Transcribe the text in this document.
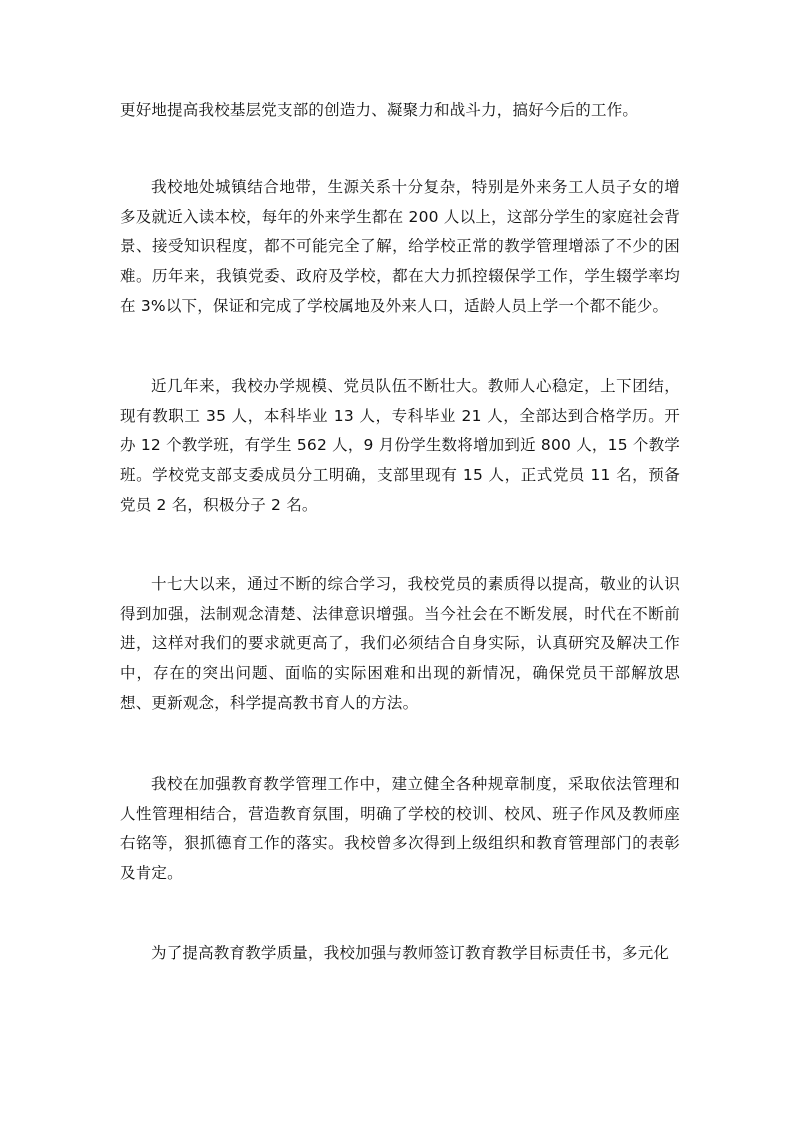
更好地提高我校基层党支部的创造力、凝聚力和战斗力，搞好今后的工作。

我校地处城镇结合地带，生源关系十分复杂，特别是外来务工人员子女的增多及就近入读本校，每年的外来学生都在 200 人以上，这部分学生的家庭社会背景、接受知识程度，都不可能完全了解，给学校正常的教学管理增添了不少的困难。历年来，我镇党委、政府及学校，都在大力抓控辍保学工作，学生辍学率均在 3%以下，保证和完成了学校属地及外来人口，适龄人员上学一个都不能少。

近几年来，我校办学规模、党员队伍不断壮大。教师人心稳定，上下团结，现有教职工 35 人，本科毕业 13 人，专科毕业 21 人，全部达到合格学历。开办 12 个教学班，有学生 562 人，9 月份学生数将增加到近 800 人，15 个教学班。学校党支部支委成员分工明确，支部里现有 15 人，正式党员 11 名，预备党员 2 名，积极分子 2 名。

十七大以来，通过不断的综合学习，我校党员的素质得以提高，敬业的认识得到加强，法制观念清楚、法律意识增强。当今社会在不断发展，时代在不断前进，这样对我们的要求就更高了，我们必须结合自身实际，认真研究及解决工作中，存在的突出问题、面临的实际困难和出现的新情况，确保党员干部解放思想、更新观念，科学提高教书育人的方法。

我校在加强教育教学管理工作中，建立健全各种规章制度，采取依法管理和人性管理相结合，营造教育氛围，明确了学校的校训、校风、班子作风及教师座右铭等，狠抓德育工作的落实。我校曾多次得到上级组织和教育管理部门的表彰及肯定。

为了提高教育教学质量，我校加强与教师签订教育教学目标责任书，多元化
